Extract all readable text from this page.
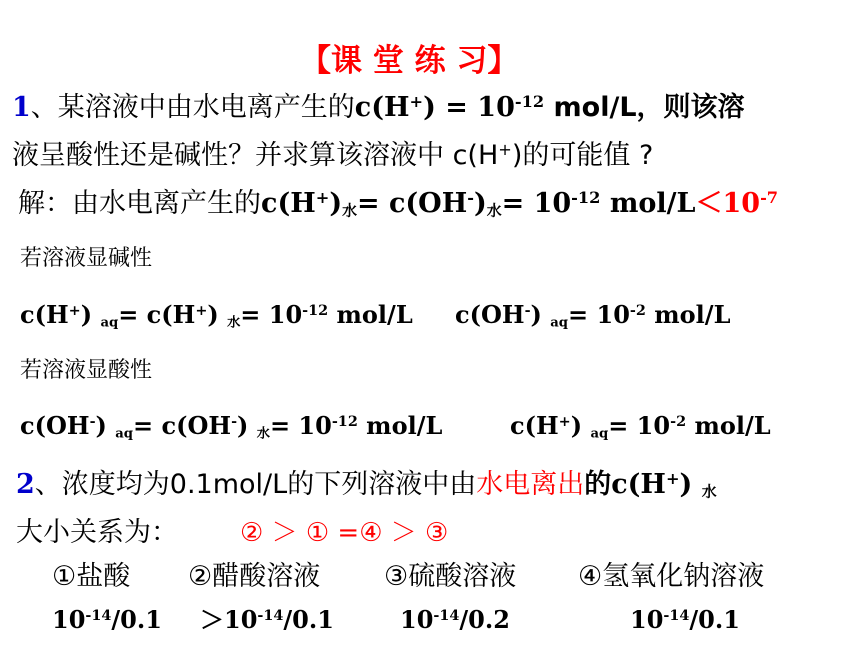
【课 堂 练 习】
1、某溶液中由水电离产生的$c(H^+) = 10^{-12}$ mol/L，则该溶
液呈酸性还是碱性？并求算该溶液中 c(H+)的可能值 ?
解：由水电离产生的$c(H^+)_水= c(OH^-)_水= 10^{-12}$ mol/$L<10^{-7}$
若溶液显碱性
c(H+) $_{aq}$= c(H+) $_水= 10^{-12}$ mol/L c(OH-) $_{aq}= 10^{-2}$ mol/L
若溶液显酸性
c(OH-) $_{aq}$= c(OH-) $_水= 10^{-12}$ mol/L	c(H+) $_{aq}= 10^{-2}$ mol/L
2、浓度均为0.1mol/L的下列溶液中由水电离出的c(H+) $_水$
大小关系为： ② ＞ ① =④ ＞ ③
①盐酸 ②醋酸溶液 ③硫酸溶液 ④氢氧化钠溶液
$10^{-14}/0.1 >10^{-14}/0.1$	$10^{-14}/0.2$	$10^{-14}/0.1$
